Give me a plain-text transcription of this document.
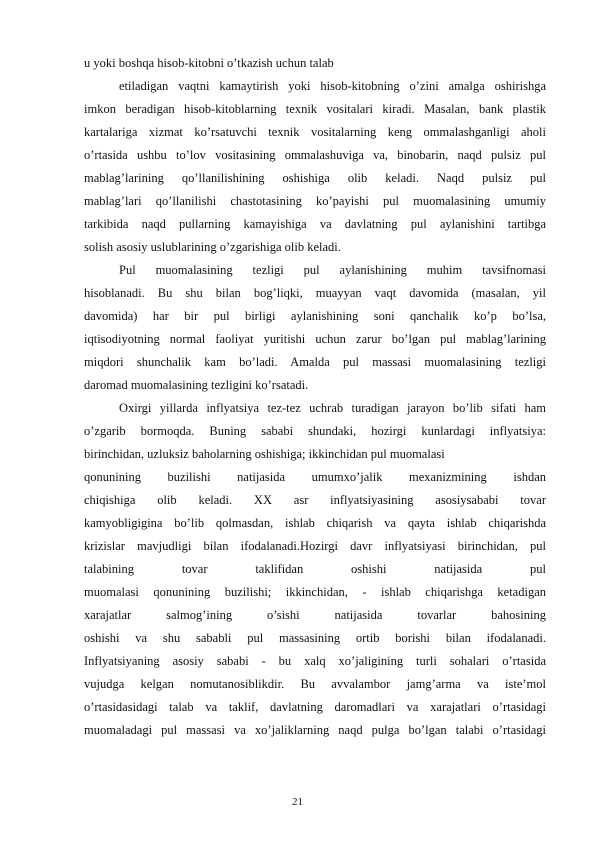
u yoki boshqa hisob-kitobni o’tkazish uchun talab
etiladigan vaqtni kamaytirish yoki hisob-kitobning o’zini amalga oshirishga
imkon beradigan hisob-kitoblarning texnik vositalari kiradi. Masalan, bank plastik
kartalariga xizmat ko’rsatuvchi texnik vositalarning keng ommalashganligi aholi
o’rtasida ushbu to’lov vositasining ommalashuviga va, binobarin, naqd pulsiz pul
mablag’larining qo’llanilishining oshishiga olib keladi. Naqd pulsiz pul
mablag’lari qo’llanilishi chastotasining ko’payishi pul muomalasining umumiy
tarkibida naqd pullarning kamayishiga va davlatning pul aylanishini tartibga
solish asosiy uslublarining o’zgarishiga olib keladi.
Pul muomalasining tezligi pul aylanishining muhim tavsifnomasi
hisoblanadi. Bu shu bilan bog’liqki, muayyan vaqt davomida (masalan, yil
davomida) har bir pul birligi aylanishining soni qanchalik ko’p bo’lsa,
iqtisodiyotning normal faoliyat yuritishi uchun zarur bo’lgan pul mablag’larining
miqdori shunchalik kam bo’ladi. Amalda pul massasi muomalasining tezligi
daromad muomalasining tezligini ko’rsatadi.
Oxirgi yillarda inflyatsiya tez-tez uchrab turadigan jarayon bo’lib sifati ham
o’zgarib bormoqda. Buning sababi shundaki, hozirgi kunlardagi inflyatsiya:
birinchidan, uzluksiz baholarning oshishiga; ikkinchidan pul muomalasi
qonunining buzilishi natijasida umumxo’jalik mexanizmining ishdan
chiqishiga olib keladi. XX asr inflyatsiyasining asosiysababi tovar
kamyobligigina bo’lib qolmasdan, ishlab chiqarish va qayta ishlab chiqarishda
krizislar mavjudligi bilan ifodalanadi.Hozirgi davr inflyatsiyasi birinchidan, pul
talabining tovar taklifidan oshishi natijasida pul
muomalasi qonunining buzilishi; ikkinchidan, - ishlab chiqarishga ketadigan
xarajatlar salmog’ining o’sishi natijasida tovarlar bahosining
oshishi va shu sababli pul massasining ortib borishi bilan ifodalanadi.
Inflyatsiyaning asosiy sababi - bu xalq xo’jaligining turli sohalari o’rtasida
vujudga kelgan nomutanosiblikdir. Bu avvalambor jamg’arma va iste’mol
o’rtasidasidagi talab va taklif, davlatning daromadlari va xarajatlari o’rtasidagi
muomaladagi pul massasi va xo’jaliklarning naqd pulga bo’lgan talabi o’rtasidagi
21
